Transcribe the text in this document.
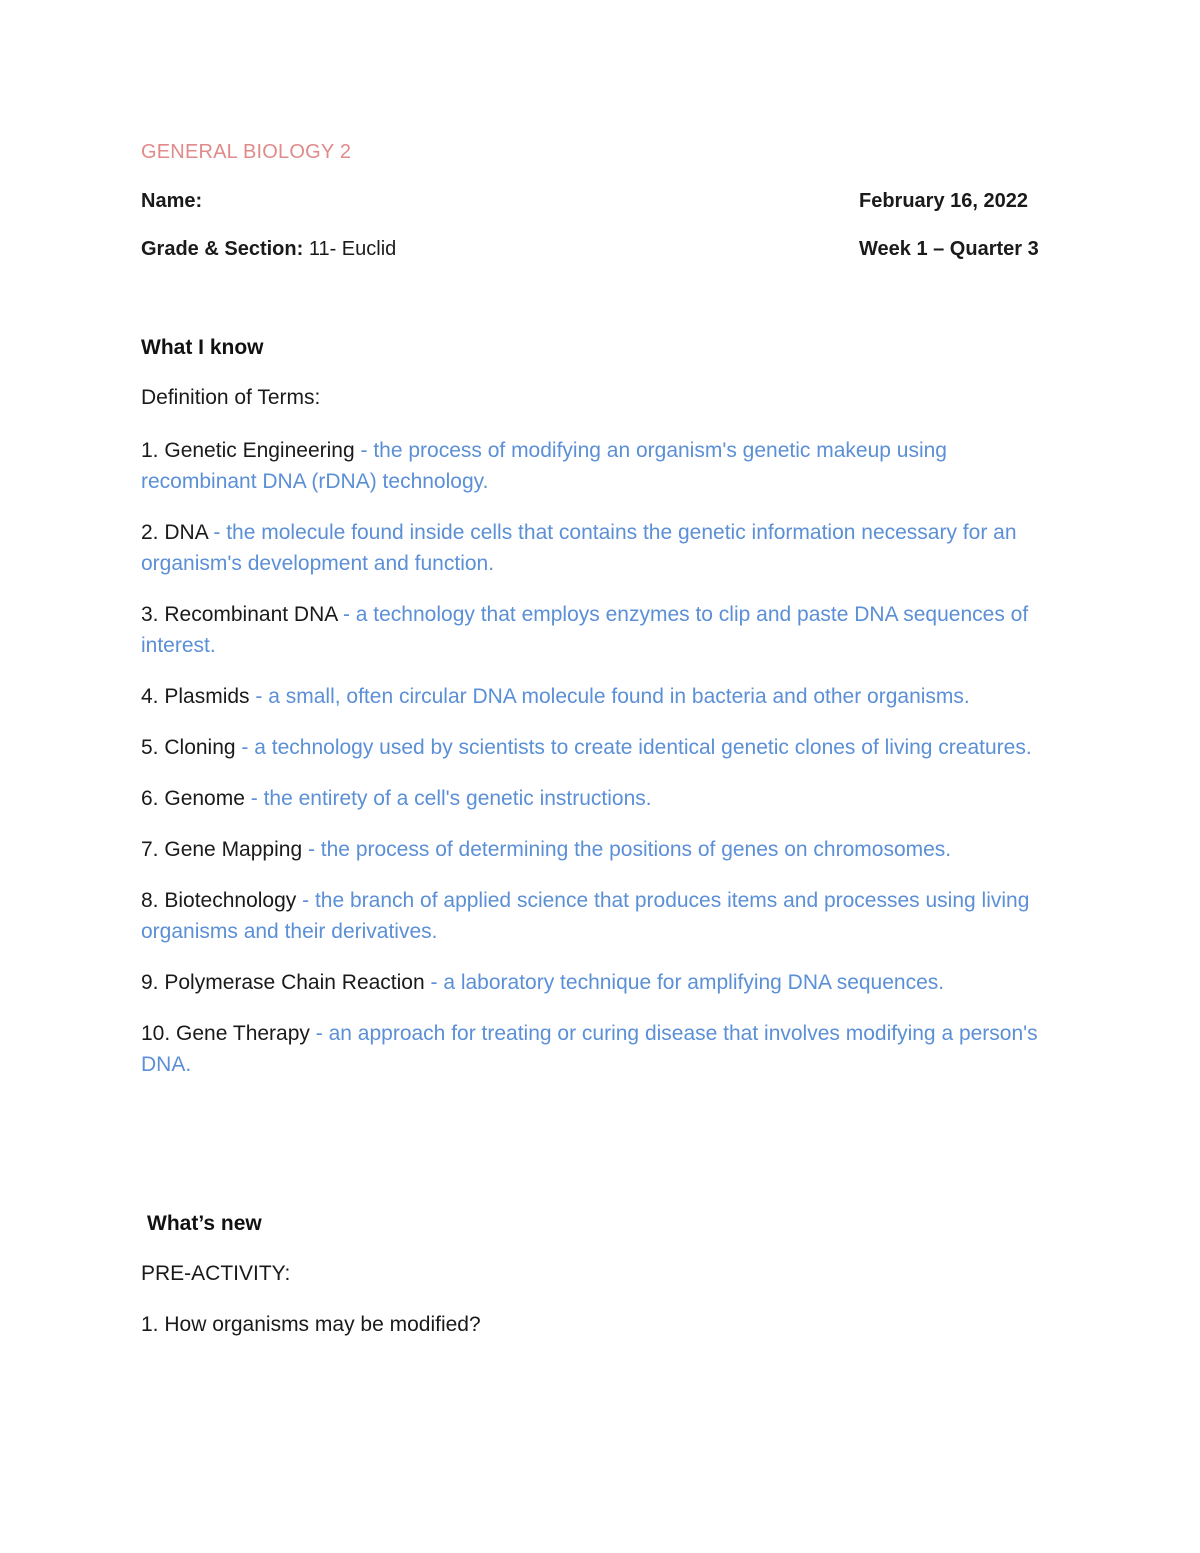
GENERAL BIOLOGY 2
Name:	February 16, 2022
Grade & Section: 11- Euclid	Week 1 – Quarter 3
What I know
Definition of Terms:
1. Genetic Engineering - the process of modifying an organism's genetic makeup using recombinant DNA (rDNA) technology.
2. DNA - the molecule found inside cells that contains the genetic information necessary for an organism's development and function.
3. Recombinant DNA - a technology that employs enzymes to clip and paste DNA sequences of interest.
4. Plasmids - a small, often circular DNA molecule found in bacteria and other organisms.
5. Cloning - a technology used by scientists to create identical genetic clones of living creatures.
6. Genome - the entirety of a cell's genetic instructions.
7. Gene Mapping - the process of determining the positions of genes on chromosomes.
8. Biotechnology - the branch of applied science that produces items and processes using living organisms and their derivatives.
9. Polymerase Chain Reaction - a laboratory technique for amplifying DNA sequences.
10. Gene Therapy - an approach for treating or curing disease that involves modifying a person's DNA.
What’s new
PRE-ACTIVITY:
1. How organisms may be modified?
